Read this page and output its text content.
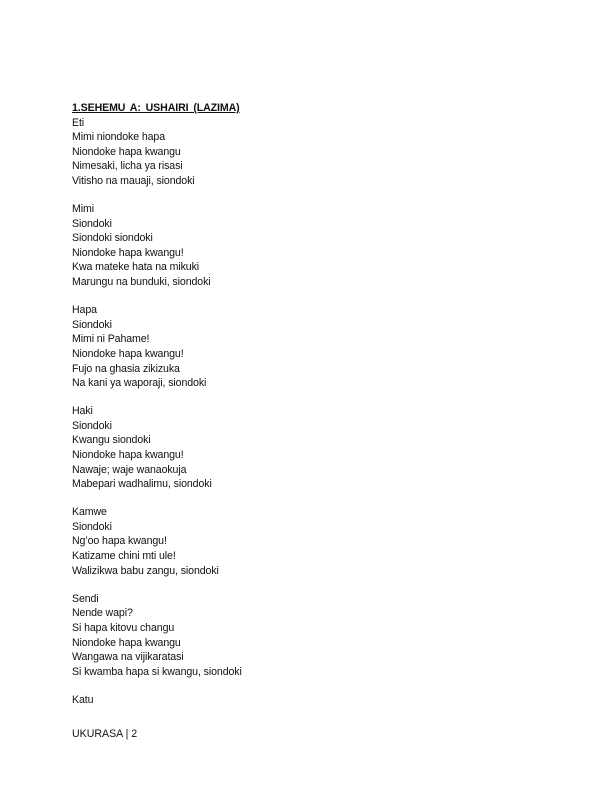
1.SEHEMU A: USHAIRI (LAZIMA)
Eti
Mimi niondoke hapa
Niondoke hapa kwangu
Nimesaki, licha ya risasi
Vitisho na mauaji, siondoki
Mimi
Siondoki
Siondoki siondoki
Niondoke hapa kwangu!
Kwa mateke hata na mikuki
Marungu na bunduki, siondoki
Hapa
Siondoki
Mimi ni Pahame!
Niondoke hapa kwangu!
Fujo na ghasia zikizuka
Na kani ya waporaji, siondoki
Haki
Siondoki
Kwangu siondoki
Niondoke hapa kwangu!
Nawaje; waje wanaokuja
Mabepari wadhalimu, siondoki
Kamwe
Siondoki
Ng’oo hapa kwangu!
Katizame chini mti ule!
Walizikwa babu zangu, siondoki
Sendi
Nende wapi?
Si hapa kitovu changu
Niondoke hapa kwangu
Wangawa na vijikaratasi
Si kwamba hapa si kwangu, siondoki
Katu
UKURASA | 2
